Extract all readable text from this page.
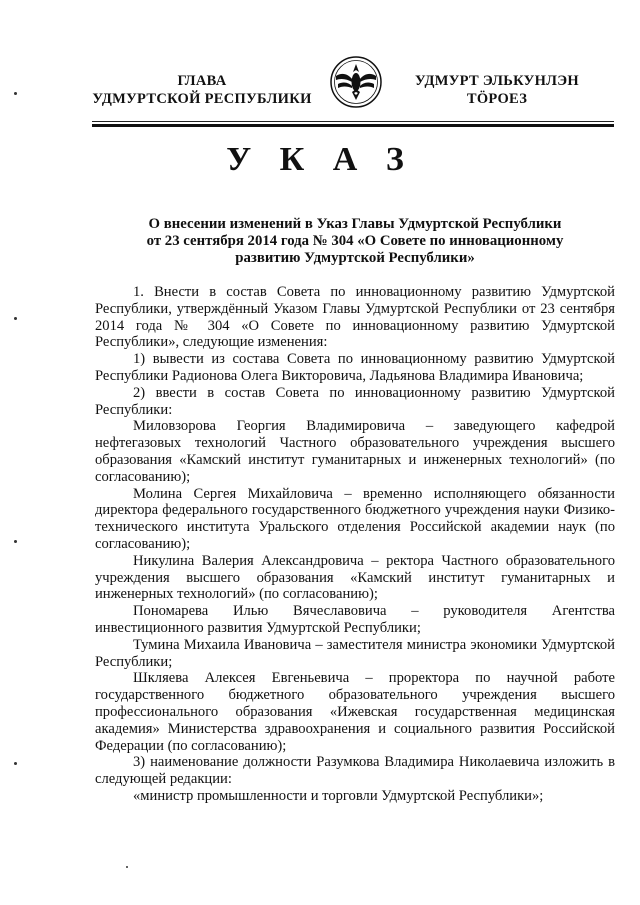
ГЛАВА
УДМУРТСКОЙ РЕСПУБЛИКИ
УДМУРТ ЭЛЬКУНЛЭН
ТӦРОЕЗ
У К А З
О внесении изменений в Указ Главы Удмуртской Республики
от 23 сентября 2014 года № 304 «О Совете по инновационному
развитию Удмуртской Республики»

1. Внести в состав Совета по инновационному развитию Удмуртской Республики, утверждённый Указом Главы Удмуртской Республики от 23 сентября 2014 года № 304 «О Совете по инновационному развитию Удмуртской Республики», следующие изменения:

1) вывести из состава Совета по инновационному развитию Удмуртской Республики Радионова Олега Викторовича, Ладьянова Владимира Ивановича;

2) ввести в состав Совета по инновационному развитию Удмуртской Республики:

Миловзорова Георгия Владимировича – заведующего кафедрой нефтегазовых технологий Частного образовательного учреждения высшего образования «Камский институт гуманитарных и инженерных технологий» (по согласованию);

Молина Сергея Михайловича – временно исполняющего обязанности директора федерального государственного бюджетного учреждения науки Физико-технического института Уральского отделения Российской академии наук (по согласованию);

Никулина Валерия Александровича – ректора Частного образовательного учреждения высшего образования «Камский институт гуманитарных и инженерных технологий» (по согласованию);

Пономарева Илью Вячеславовича – руководителя Агентства инвестиционного развития Удмуртской Республики;

Тумина Михаила Ивановича – заместителя министра экономики Удмуртской Республики;

Шкляева Алексея Евгеньевича – проректора по научной работе государственного бюджетного образовательного учреждения высшего профессионального образования «Ижевская государственная медицинская академия» Министерства здравоохранения и социального развития Российской Федерации (по согласованию);

3) наименование должности Разумкова Владимира Николаевича изложить в следующей редакции:

«министр промышленности и торговли Удмуртской Республики»;
